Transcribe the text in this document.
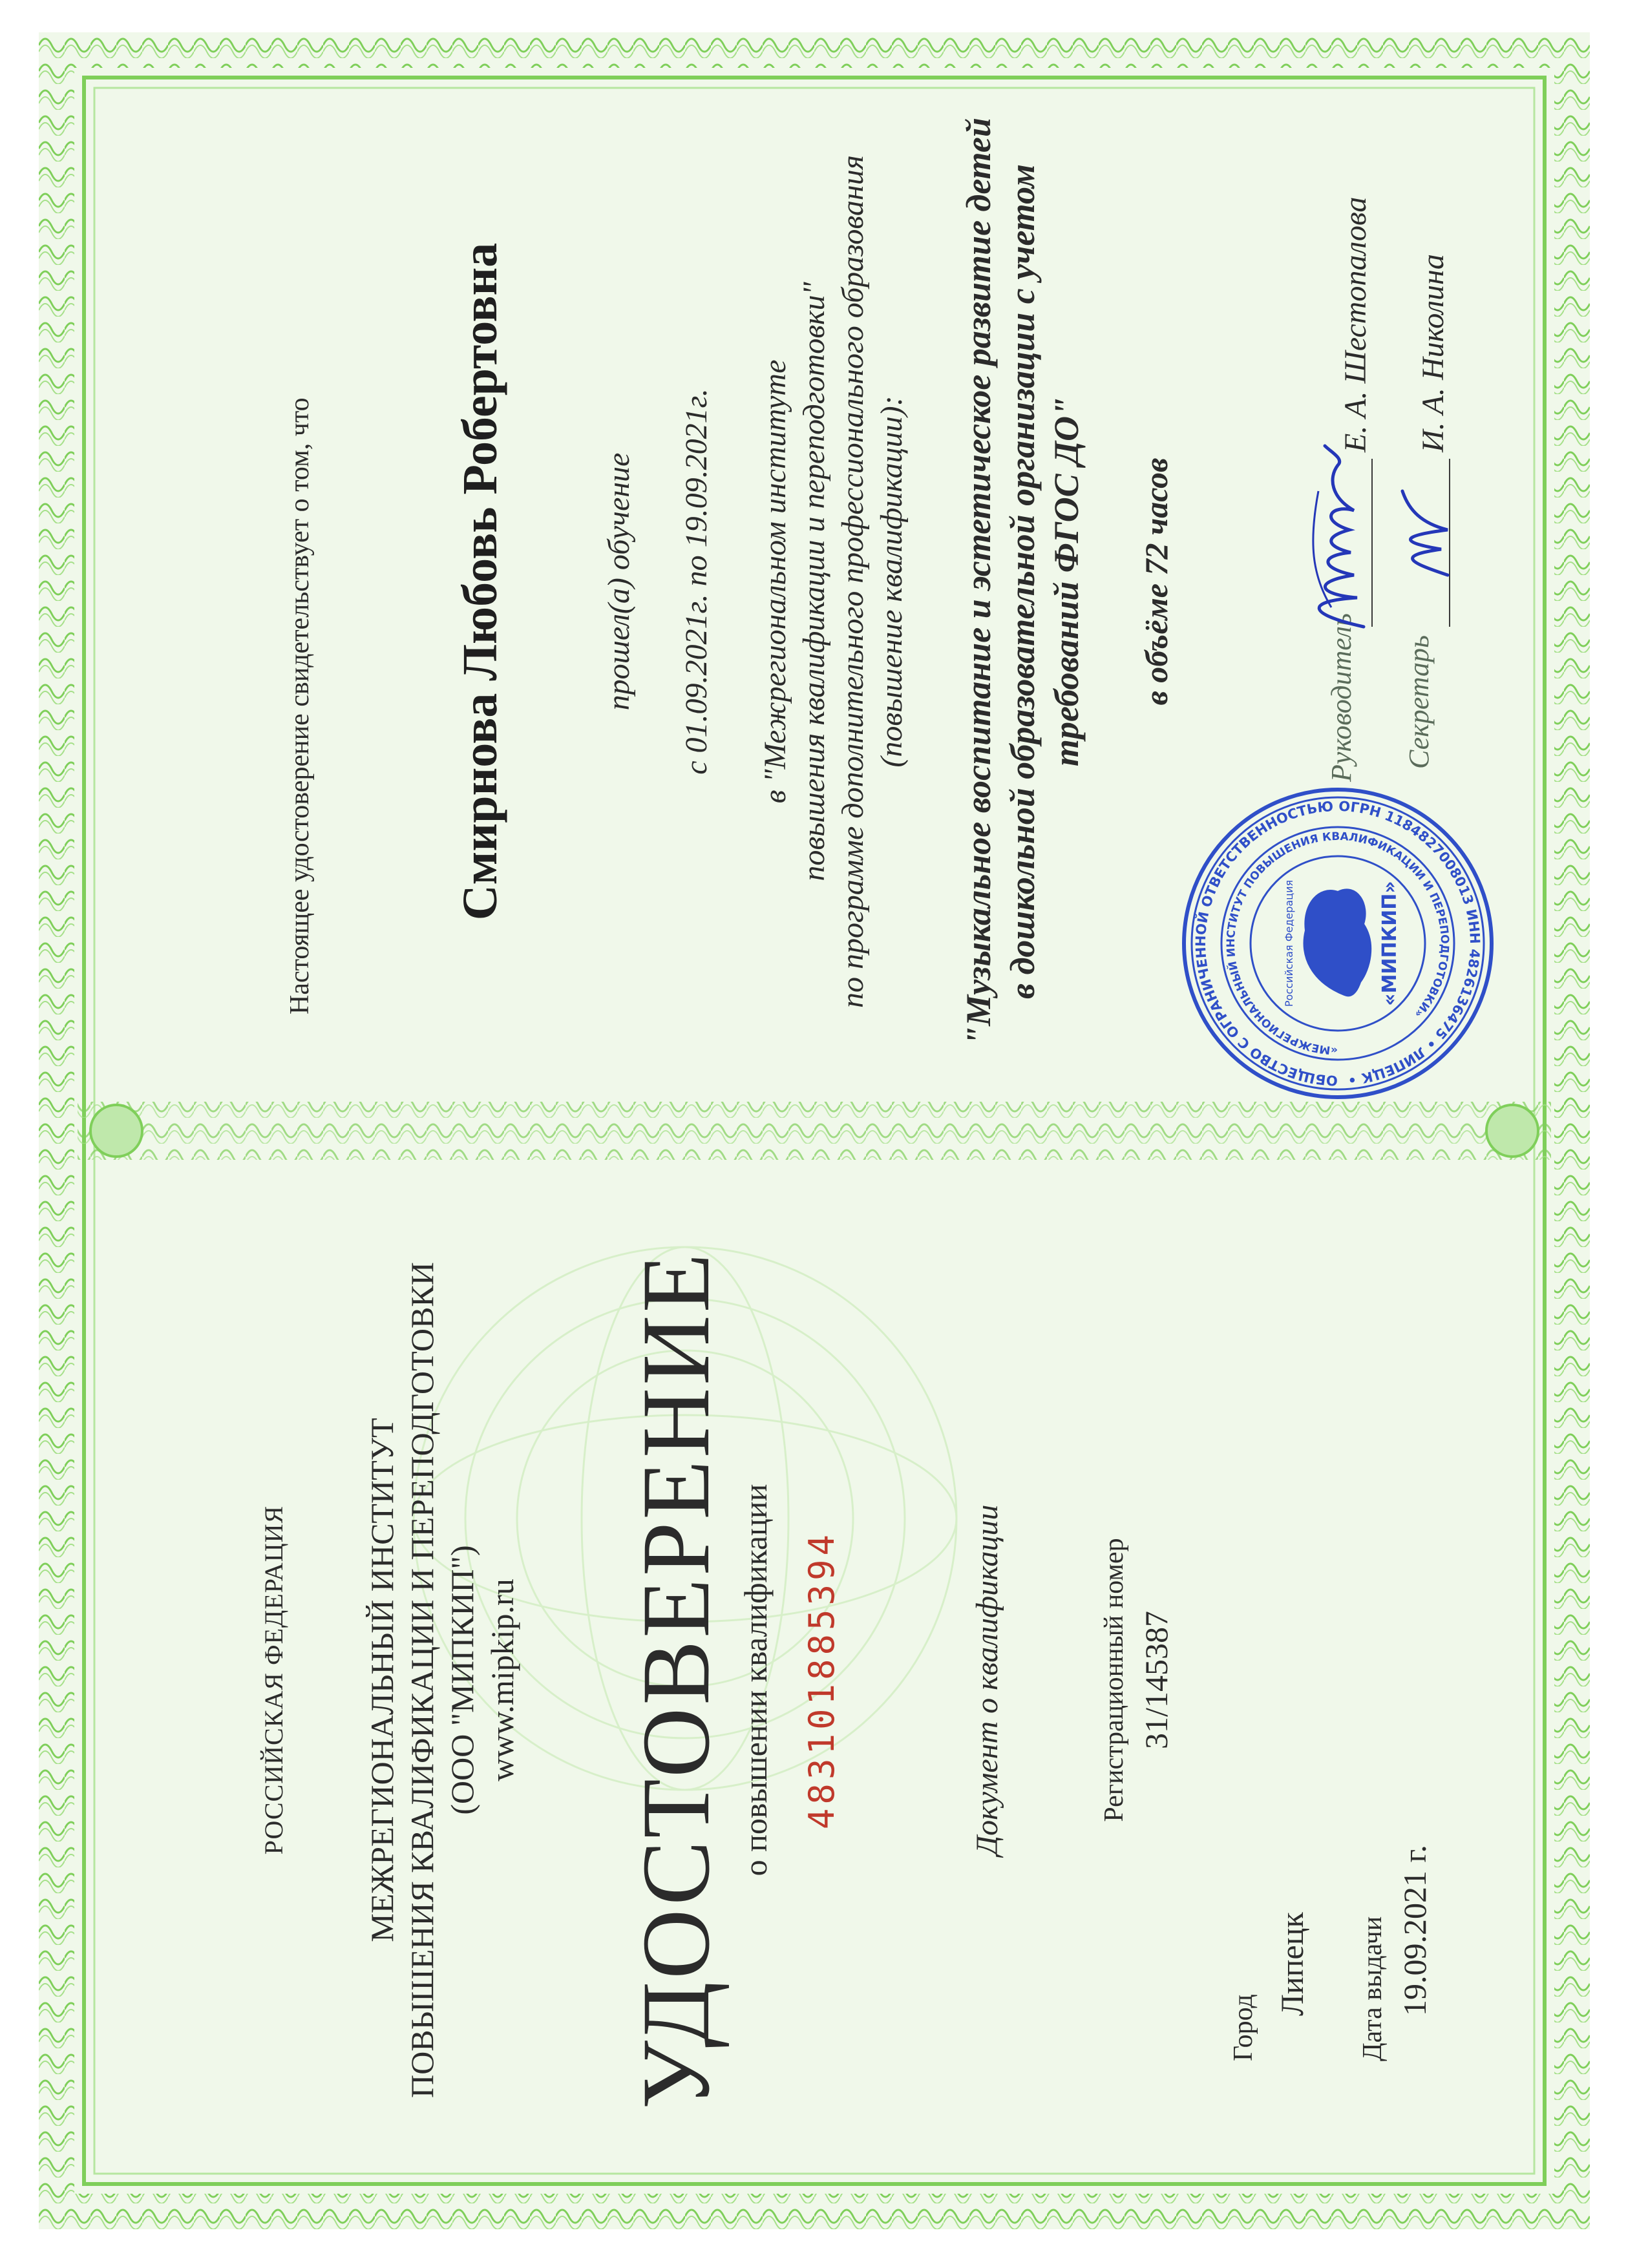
РОССИЙСКАЯ ФЕДЕРАЦИЯ МЕЖРЕГИОНАЛЬНЫЙ ИНСТИТУТ ПОВЫШЕНИЯ КВАЛИФИКАЦИИ И ПЕРЕПОДГОТОВКИ (ООО "МИПКИП") www.mipkip.ru УДОСТОВЕРЕНИЕ о повышении квалификации 483101885394	Документ о квалификации	Регистрационный номер 31/145387
Город
Липецк Дата выдачи 19.09.2021 г.
Настоящее удостоверение свидетельствует о том, что	Смирнова Любовь Робертовна	прошел(а) обучение с 01.09.2021г. по 19.09.2021г. в "Межрегиональном институте повышения квалификации и переподготовки" по программе дополнительного профессионального образования (повышение квалификации): "Музыкальное воспитание и эстетическое развитие детей в дошкольной образовательной организации с учетом требований ФГОС ДО" в объёме 72 часов	Руководитель
Е. А. Шестопалова
Секретарь
И. А. Николина
ОБЩЕСТВО С ОГРАНИЧЕННОЙ ОТВЕТСТВЕННОСТЬЮ ОГРН 1184827008013 ИНН 4826136475 • ЛИПЕЦК •
«МЕЖРЕГИОНАЛЬНЫЙ ИНСТИТУТ ПОВЫШЕНИЯ КВАЛИФИКАЦИИ И ПЕРЕПОДГОТОВКИ»
«МИПКИП»
Российская Федерация
